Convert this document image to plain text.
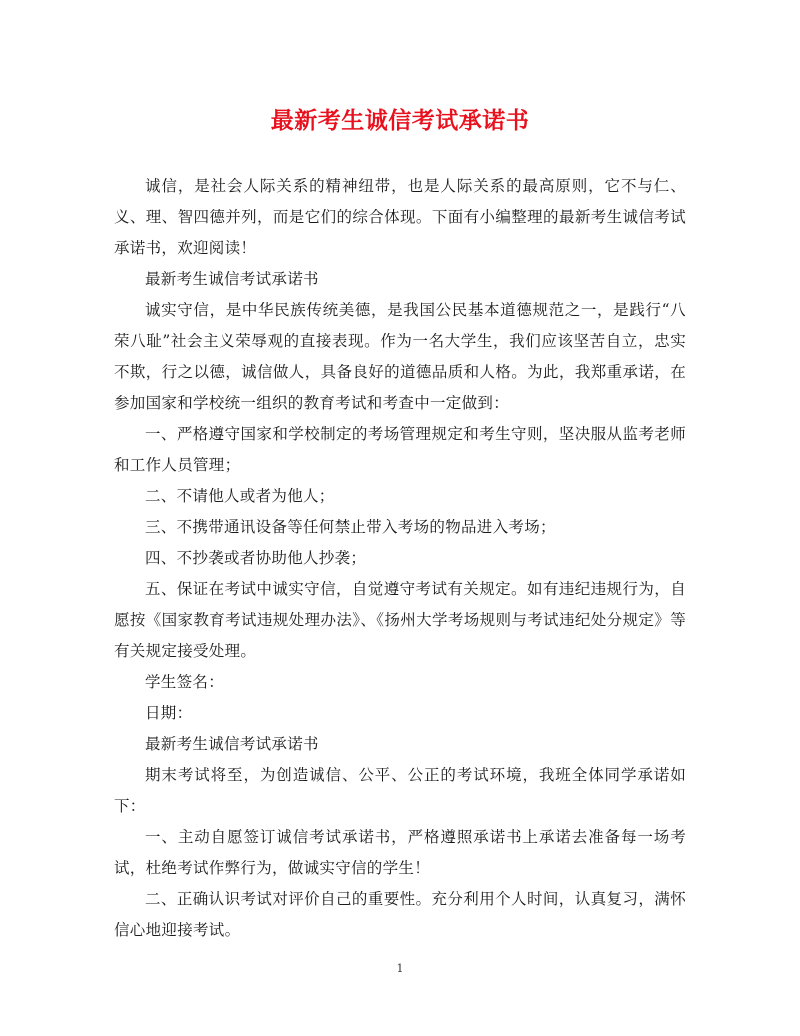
最新考生诚信考试承诺书

诚信，是社会人际关系的精神纽带，也是人际关系的最高原则，它不与仁、义、理、智四德并列，而是它们的综合体现。下面有小编整理的最新考生诚信考试承诺书，欢迎阅读！

最新考生诚信考试承诺书

诚实守信，是中华民族传统美德，是我国公民基本道德规范之一，是践行“八荣八耻”社会主义荣辱观的直接表现。作为一名大学生，我们应该坚苦自立，忠实不欺，行之以德，诚信做人，具备良好的道德品质和人格。为此，我郑重承诺，在参加国家和学校统一组织的教育考试和考查中一定做到：

一、严格遵守国家和学校制定的考场管理规定和考生守则，坚决服从监考老师和工作人员管理；

二、不请他人或者为他人；

三、不携带通讯设备等任何禁止带入考场的物品进入考场；

四、不抄袭或者协助他人抄袭；

五、保证在考试中诚实守信，自觉遵守考试有关规定。如有违纪违规行为，自愿按《国家教育考试违规处理办法》、《扬州大学考场规则与考试违纪处分规定》等有关规定接受处理。

学生签名：

日期：

最新考生诚信考试承诺书

期末考试将至，为创造诚信、公平、公正的考试环境，我班全体同学承诺如下：

一、主动自愿签订诚信考试承诺书，严格遵照承诺书上承诺去准备每一场考试，杜绝考试作弊行为，做诚实守信的学生！

二、正确认识考试对评价自己的重要性。充分利用个人时间，认真复习，满怀信心地迎接考试。

1
